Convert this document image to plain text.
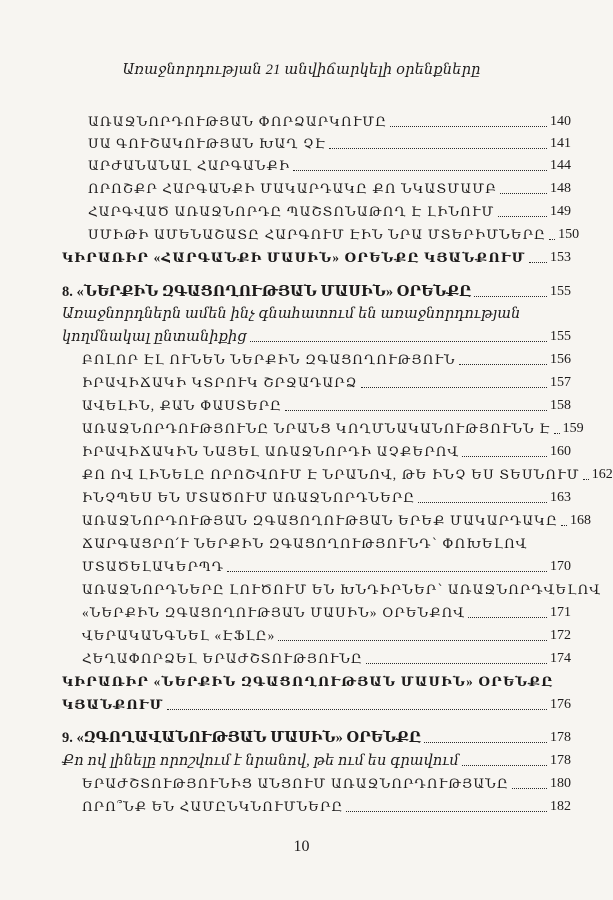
Առաջնորդության 21 անվիճարկելի օրենքները
ԱՌԱՋՆՈՐԴՈՒԹՅԱՆ ՓՈՐՁԱՐԿՈՒՄԸ	140
ՍԱ ԳՈՒՇԱԿՈՒԹՅԱՆ ԽԱՂ ՉԷ	141
ԱՐԺԱՆԱՆԱԼ ՀԱՐԳԱՆՔԻ	144
ՈՐՈՇՔՐ ՀԱՐԳԱՆՔԻ ՄԱԿԱՐԴԱԿԸ ՔՈ ՆԿԱՏՄԱՄԲ	148
ՀԱՐԳՎԱԾ ԱՌԱՋՆՈՐԴԸ ՊԱՇՏՈՆԱԹՈՂ Է ԼԻՆՈՒՄ	149
ՍՄԻԹԻ ԱՄԵՆԱՇԱՏԸ ՀԱՐԳՈՒՄ ԷԻՆ ՆՐԱ ՄՏԵՐԻՄՆԵՐԸ 150
ԿԻՐԱՌԻՐ «ՀԱՐԳԱՆՔԻ ՄԱՍԻՆ» ՕՐԵՆՔԸ ԿՅԱՆՔՈՒՄ 153
8. «ՆԵՐՔԻՆ ԶԳԱՑՈՂՈՒԹՅԱՆ ՄԱՍԻՆ» ՕՐԵՆՔԸ	155
Առաջնորդներն ամեն ինչ գնահատում են առաջնորդության
կողմնակալ ընտանիքից	155
ԲՈԼՈՐ ԷԼ ՈՒՆԵՆ ՆԵՐՔԻՆ ԶԳԱՑՈՂՈՒԹՅՈՒՆ	156
ԻՐԱՎԻՃԱԿԻ ԿՏՐՈՒԿ ՇՐՋԱԴԱՐՁ	157
ԱՎԵԼԻՆ, ՔԱՆ ՓԱՍՏԵՐԸ	158
ԱՌԱՋՆՈՐԴՈՒԹՅՈՒՆԸ ՆՐԱՆՑ ԿՈՂՄՆԱԿԱՆՈՒԹՅՈՒՆՆ Է 159
ԻՐԱՎԻՃԱԿԻՆ ՆԱՅԵԼ ԱՌԱՋՆՈՐԴԻ ԱՉՔԵՐՈՎ	160
ՔՈ ՈՎ ԼԻՆԵԼԸ ՈՐՈՇՎՈՒՄ Է ՆՐԱՆՈՎ, ԹԵ ԻՆՉ ԵՍ ՏԵՍՆՈՒՄ 162
ԻՆՉՊԵՍ ԵՆ ՄՏԱԾՈՒՄ ԱՌԱՋՆՈՐԴՆԵՐԸ	163
ԱՌԱՋՆՈՐԴՈՒԹՅԱՆ ԶԳԱՑՈՂՈՒԹՅԱՆ ԵՐԵՔ ՄԱԿԱՐԴԱԿԸ 168
ՃԱՐԳԱՑՐՈ՛Ւ ՆԵՐՔԻՆ ԶԳԱՑՈՂՈՒԹՅՈՒՆԴ՝ ՓՈԽԵԼՈՎ
ՄՏԱԾԵԼԱԿԵՐՊԴ	170
ԱՌԱՋՆՈՐԴՆԵՐԸ ԼՈՒԾՈՒՄ ԵՆ ԽՆԴԻՐՆԵՐ՝ ԱՌԱՋՆՈՐԴՎԵԼՈՎ
«ՆԵՐՔԻՆ ԶԳԱՑՈՂՈՒԹՅԱՆ ՄԱՍԻՆ» ՕՐԵՆՔՈՎ	171
ՎԵՐԱԿԱՆԳՆԵԼ «ԷՖԼԸ»	172
ՀԵՂԱՓՈՐՁԵԼ ԵՐԱԺՇՏՈՒԹՅՈՒՆԸ	174
ԿԻՐԱՌԻՐ «ՆԵՐՔԻՆ ԶԳԱՑՈՂՈՒԹՅԱՆ ՄԱՍԻՆ» ՕՐԵՆՔԸ
ԿՅԱՆՔՈՒՄ	176
9. «ԶԳՈՂԱՎԱՆՈՒԹՅԱՆ ՄԱՍԻՆ» ՕՐԵՆՔԸ	178
Քո ով լինելը որոշվում է նրանով, թե ում ես գրավում	178
ԵՐԱԺՇՏՈՒԹՅՈՒՆԻՑ ԱՆՑՈՒՄ ԱՌԱՋՆՈՐԴՈՒԹՅԱՆԸ	180
ՈՐՈ՞ՆՔ ԵՆ ՀԱՄԸՆԿՆՈՒՄՆԵՐԸ	182
10
